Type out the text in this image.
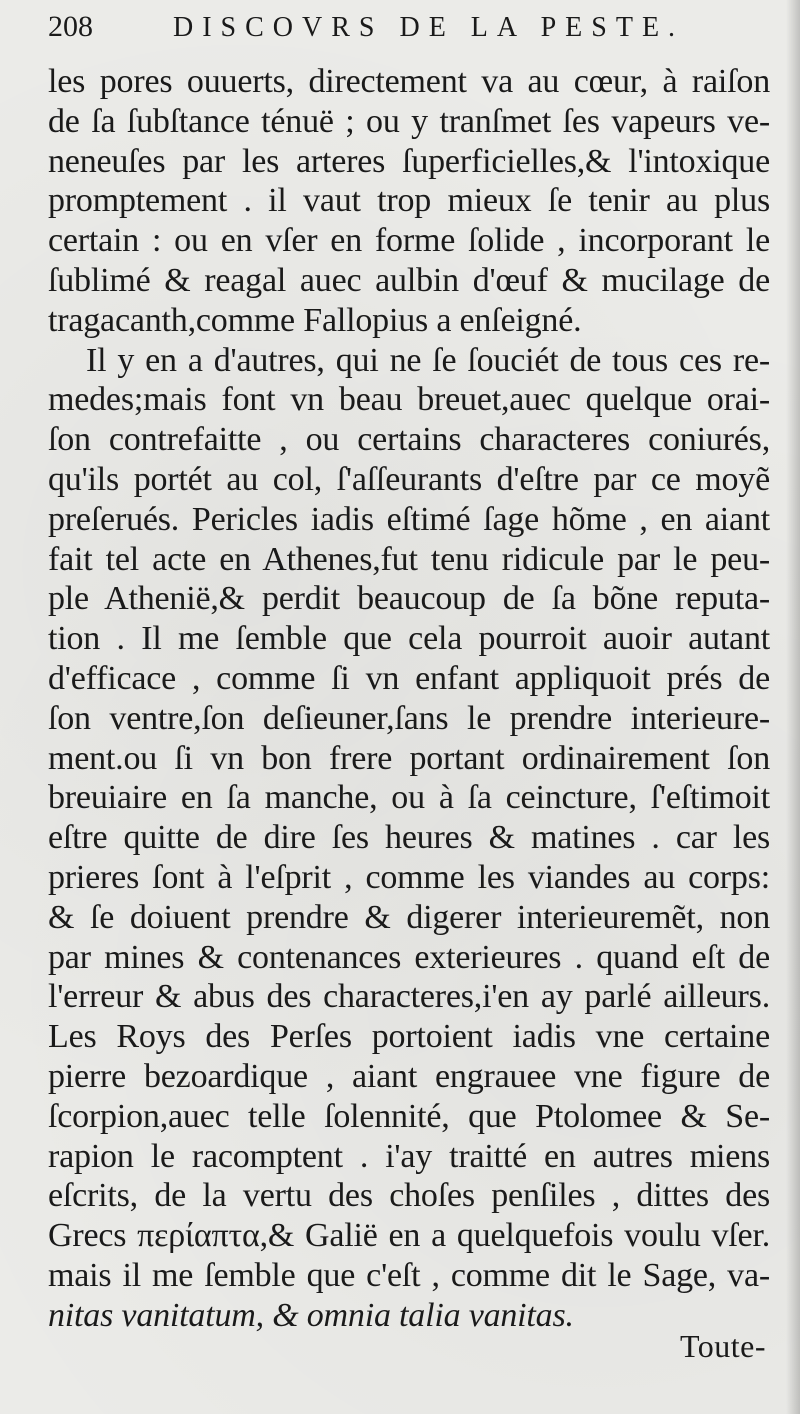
208	DISCOVRS DE LA PESTE.
les pores ouuerts, directement va au cœur, à raiſon
de ſa ſubſtance ténuë ; ou y tranſmet ſes vapeurs ve-
neneuſes par les arteres ſuperficielles,& l'intoxique
promptement . il vaut trop mieux ſe tenir au plus
certain : ou en vſer en forme ſolide , incorporant le
ſublimé & reagal auec aulbin d'œuf & mucilage de
tragacanth,comme Fallopius a enſeigné.
Il y en a d'autres, qui ne ſe ſouciét de tous ces re-
medes;mais font vn beau breuet,auec quelque orai-
ſon contrefaitte , ou certains characteres coniurés,
qu'ils portét au col, ſ'aſſeurants d'eſtre par ce moyẽ
preſerués. Pericles iadis eſtimé ſage hõme , en aiant
fait tel acte en Athenes,fut tenu ridicule par le peu-
ple Athenië,& perdit beaucoup de ſa bõne reputa-
tion . Il me ſemble que cela pourroit auoir autant
d'efficace , comme ſi vn enfant appliquoit prés de
ſon ventre,ſon deſieuner,ſans le prendre interieure-
ment.ou ſi vn bon frere portant ordinairement ſon
breuiaire en ſa manche, ou à ſa ceincture, ſ'eſtimoit
eſtre quitte de dire ſes heures & matines . car les
prieres ſont à l'eſprit , comme les viandes au corps:
& ſe doiuent prendre & digerer interieuremẽt, non
par mines & contenances exterieures . quand eſt de
l'erreur & abus des characteres,i'en ay parlé ailleurs.
Les Roys des Perſes portoient iadis vne certaine
pierre bezoardique , aiant engrauee vne figure de
ſcorpion,auec telle ſolennité, que Ptolomee & Se-
rapion le racomptent . i'ay traitté en autres miens
eſcrits, de la vertu des choſes penſiles , dittes des
Grecs περίαπτα,& Galië en a quelquefois voulu vſer.
mais il me ſemble que c'eſt , comme dit le Sage, va-
nitas vanitatum, & omnia talia vanitas.
Toute-
